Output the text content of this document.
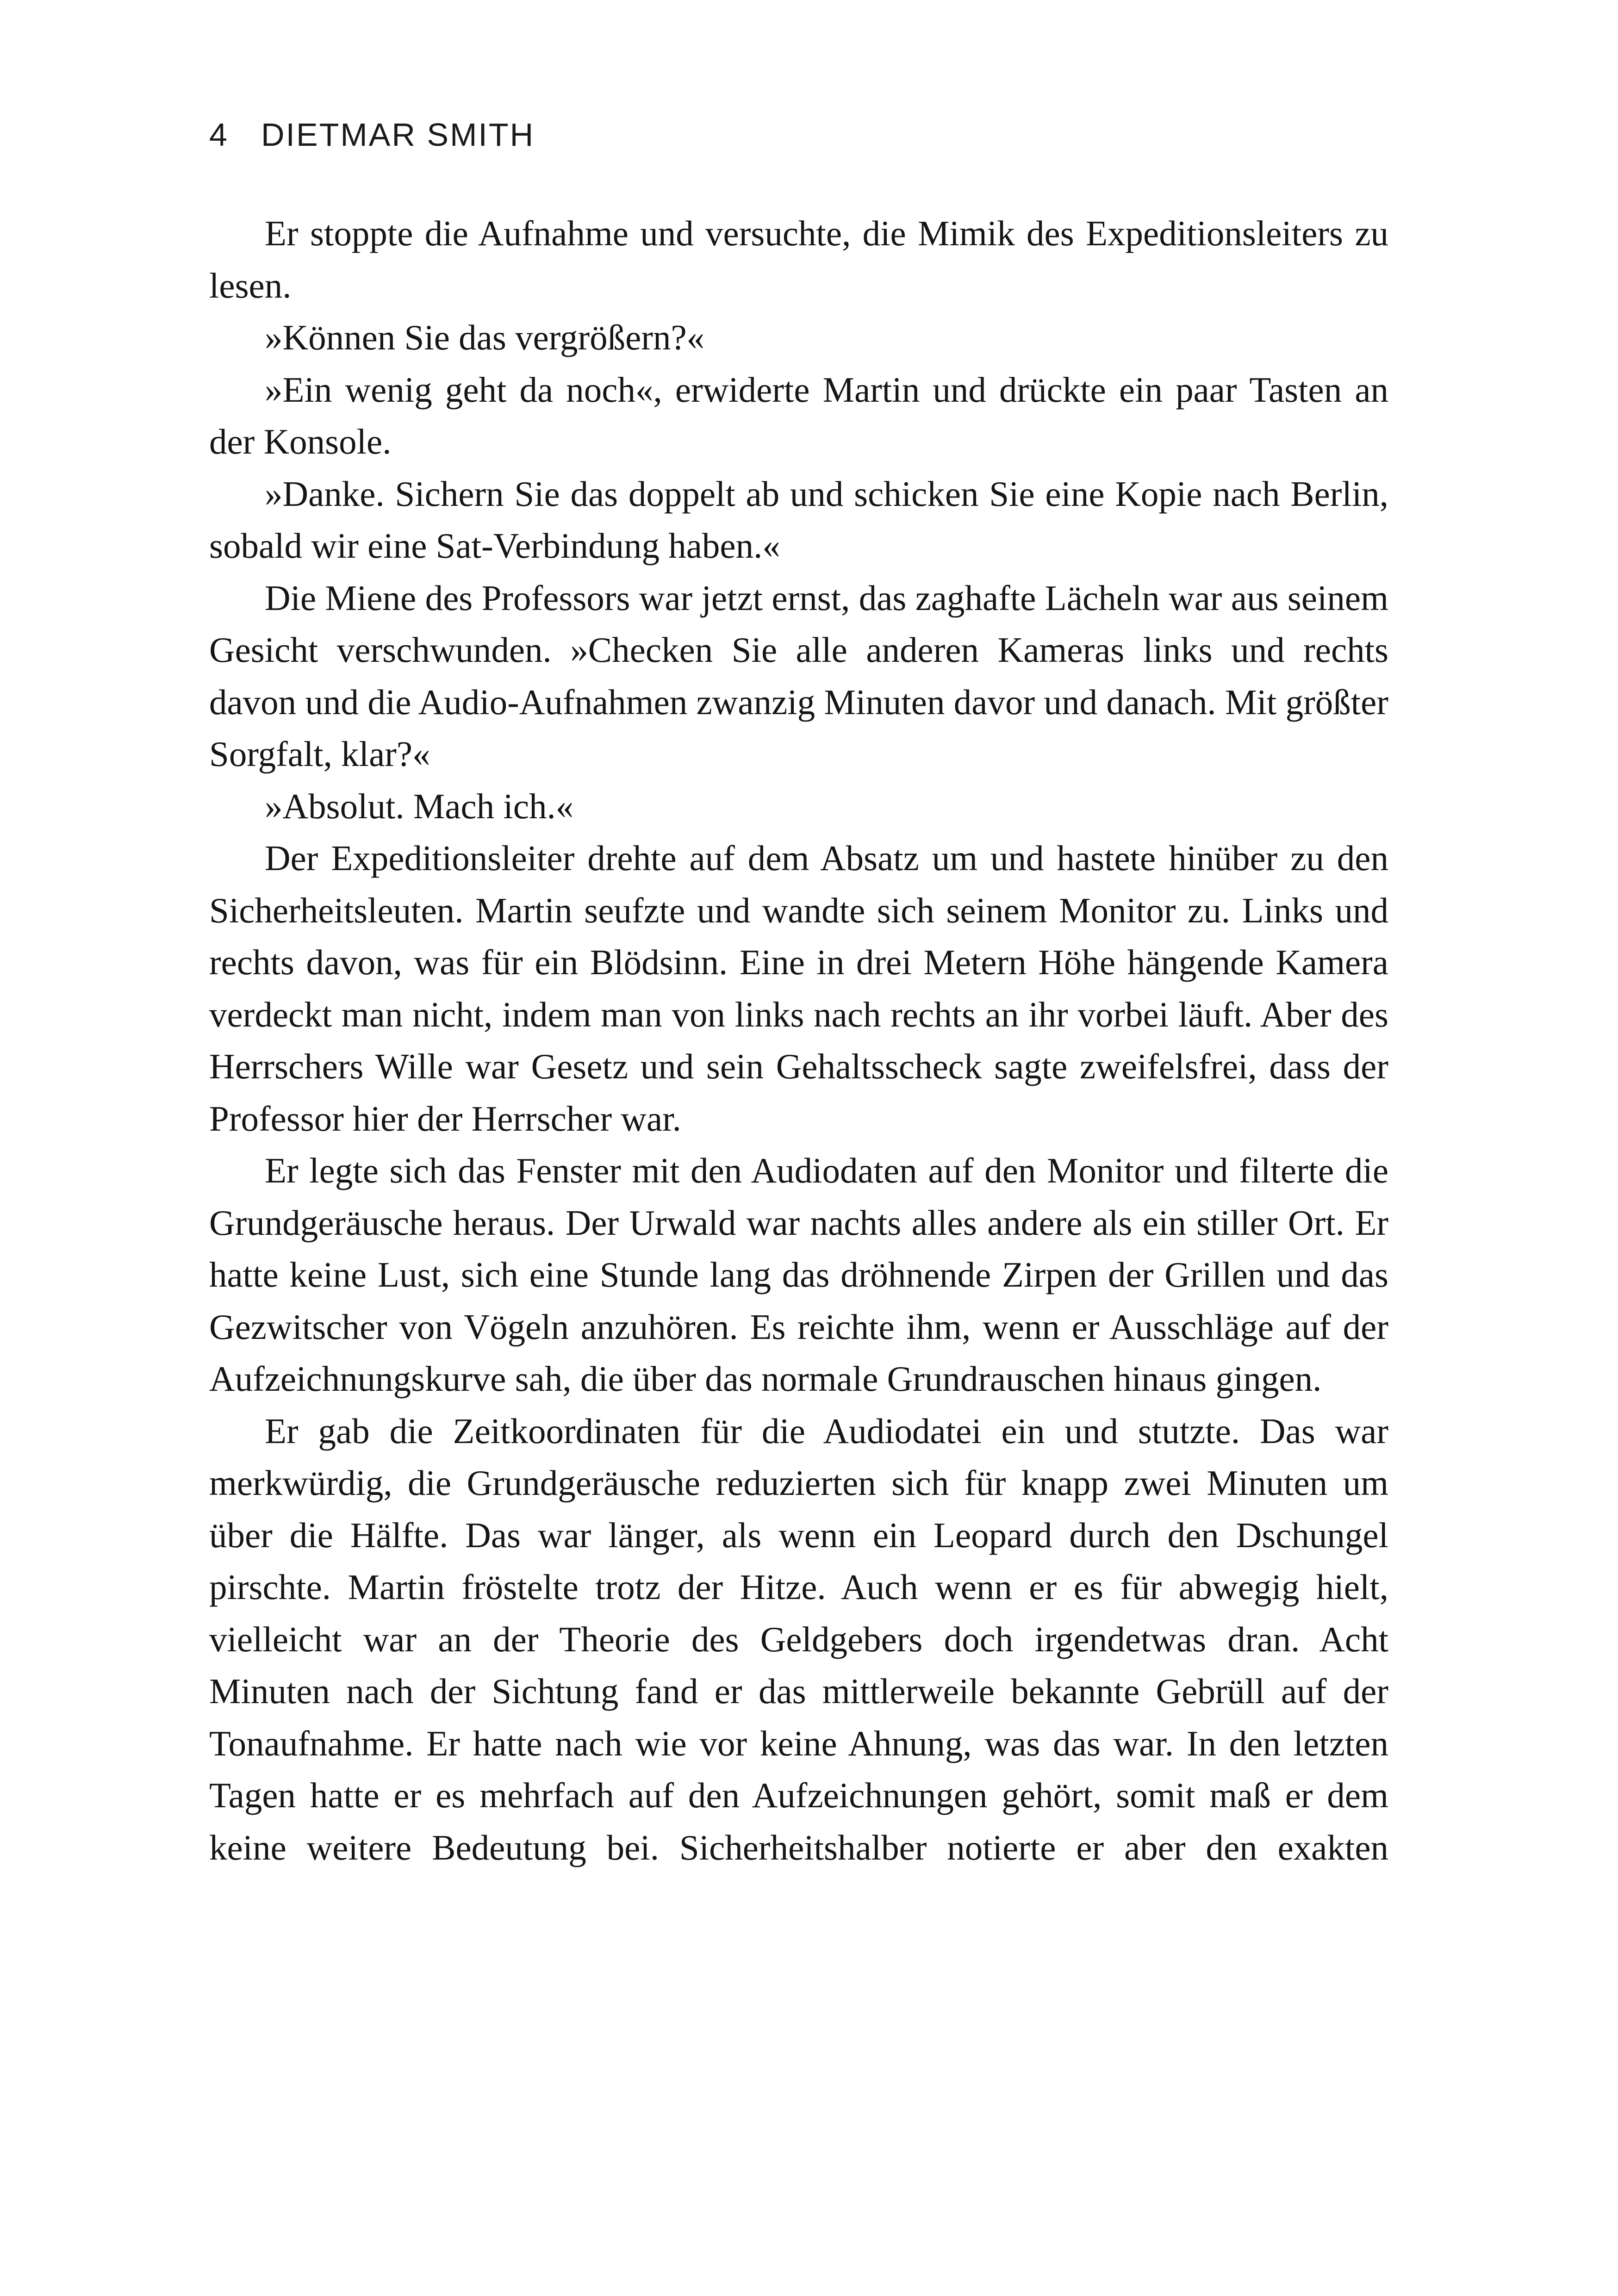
4 DIETMAR SMITH

Er stoppte die Aufnahme und versuchte, die Mimik des Expeditionsleiters zu lesen.

»Können Sie das vergrößern?«

»Ein wenig geht da noch«, erwiderte Martin und drückte ein paar Tasten an der Konsole.

»Danke. Sichern Sie das doppelt ab und schicken Sie eine Kopie nach Berlin, sobald wir eine Sat-Verbindung haben.«

Die Miene des Professors war jetzt ernst, das zaghafte Lächeln war aus seinem Gesicht verschwunden. »Checken Sie alle anderen Kameras links und rechts davon und die Audio-Aufnahmen zwanzig Minuten davor und danach. Mit größter Sorgfalt, klar?«

»Absolut. Mach ich.«

Der Expeditionsleiter drehte auf dem Absatz um und hastete hinüber zu den Sicherheitsleuten. Martin seufzte und wandte sich seinem Monitor zu. Links und rechts davon, was für ein Blödsinn. Eine in drei Metern Höhe hängende Kamera verdeckt man nicht, indem man von links nach rechts an ihr vorbei läuft. Aber des Herrschers Wille war Gesetz und sein Gehaltsscheck sagte zweifelsfrei, dass der Professor hier der Herrscher war.

Er legte sich das Fenster mit den Audiodaten auf den Monitor und filterte die Grundgeräusche heraus. Der Urwald war nachts alles andere als ein stiller Ort. Er hatte keine Lust, sich eine Stunde lang das dröhnende Zirpen der Grillen und das Gezwitscher von Vögeln anzuhören. Es reichte ihm, wenn er Ausschläge auf der Aufzeichnungskurve sah, die über das normale Grundrauschen hinaus gingen.

Er gab die Zeitkoordinaten für die Audiodatei ein und stutzte. Das war merkwürdig, die Grundgeräusche reduzierten sich für knapp zwei Minuten um über die Hälfte. Das war länger, als wenn ein Leopard durch den Dschungel pirschte. Martin fröstelte trotz der Hitze. Auch wenn er es für abwegig hielt, vielleicht war an der Theorie des Geldgebers doch irgendetwas dran. Acht Minuten nach der Sichtung fand er das mittlerweile bekannte Gebrüll auf der Tonaufnahme. Er hatte nach wie vor keine Ahnung, was das war. In den letzten Tagen hatte er es mehrfach auf den Aufzeichnungen gehört, somit maß er dem keine weitere Bedeutung bei. Sicherheitshalber notierte er aber den exakten
